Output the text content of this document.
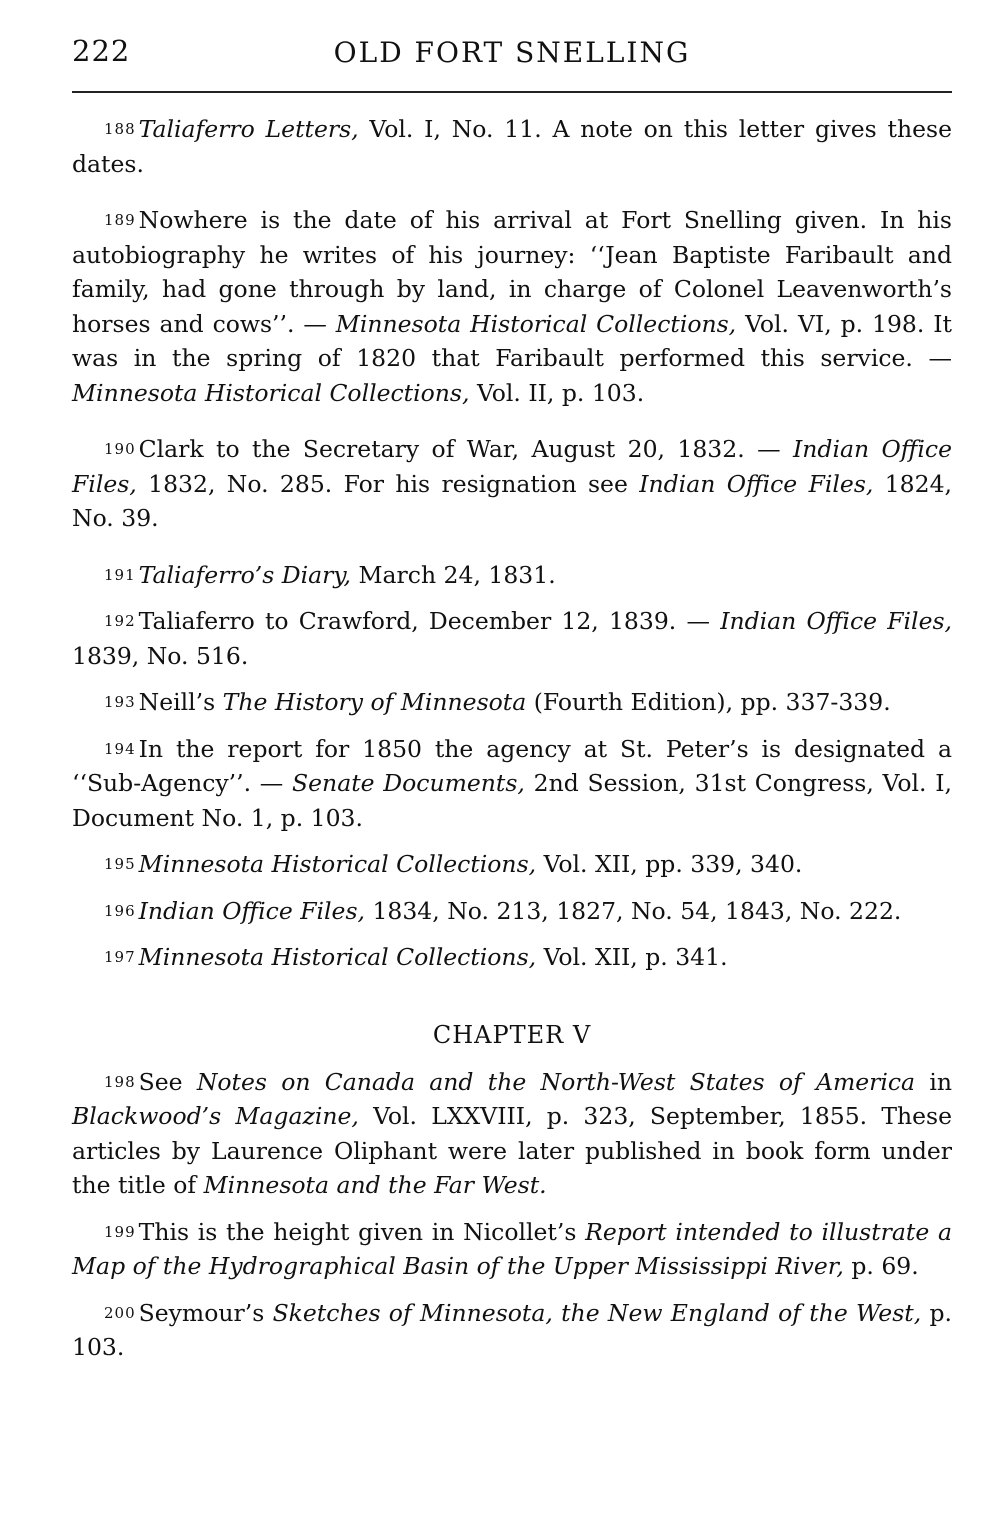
222	OLD FORT SNELLING

188 Taliaferro Letters, Vol. I, No. 11. A note on this letter gives these dates.

189 Nowhere is the date of his arrival at Fort Snelling given. In his autobiography he writes of his journey: ‘‘Jean Baptiste Faribault and family, had gone through by land, in charge of Colonel Leavenworth’s horses and cows’’. — Minnesota Historical Collections, Vol. VI, p. 198. It was in the spring of 1820 that Faribault performed this service. — Minnesota Historical Collections, Vol. II, p. 103.

190 Clark to the Secretary of War, August 20, 1832. — Indian Office Files, 1832, No. 285. For his resignation see Indian Office Files, 1824, No. 39.

191 Taliaferro’s Diary, March 24, 1831.

192 Taliaferro to Crawford, December 12, 1839. — Indian Office Files, 1839, No. 516.

193 Neill’s The History of Minnesota (Fourth Edition), pp. 337-339.

194 In the report for 1850 the agency at St. Peter’s is designated a ‘‘Sub-Agency’’. — Senate Documents, 2nd Session, 31st Congress, Vol. I, Document No. 1, p. 103.

195 Minnesota Historical Collections, Vol. XII, pp. 339, 340.

196 Indian Office Files, 1834, No. 213, 1827, No. 54, 1843, No. 222.

197 Minnesota Historical Collections, Vol. XII, p. 341.

CHAPTER V

198 See Notes on Canada and the North-West States of America in Blackwood’s Magazine, Vol. LXXVIII, p. 323, September, 1855. These articles by Laurence Oliphant were later published in book form under the title of Minnesota and the Far West.

199 This is the height given in Nicollet’s Report intended to illustrate a Map of the Hydrographical Basin of the Upper Mississippi River, p. 69.

200 Seymour’s Sketches of Minnesota, the New England of the West, p. 103.
